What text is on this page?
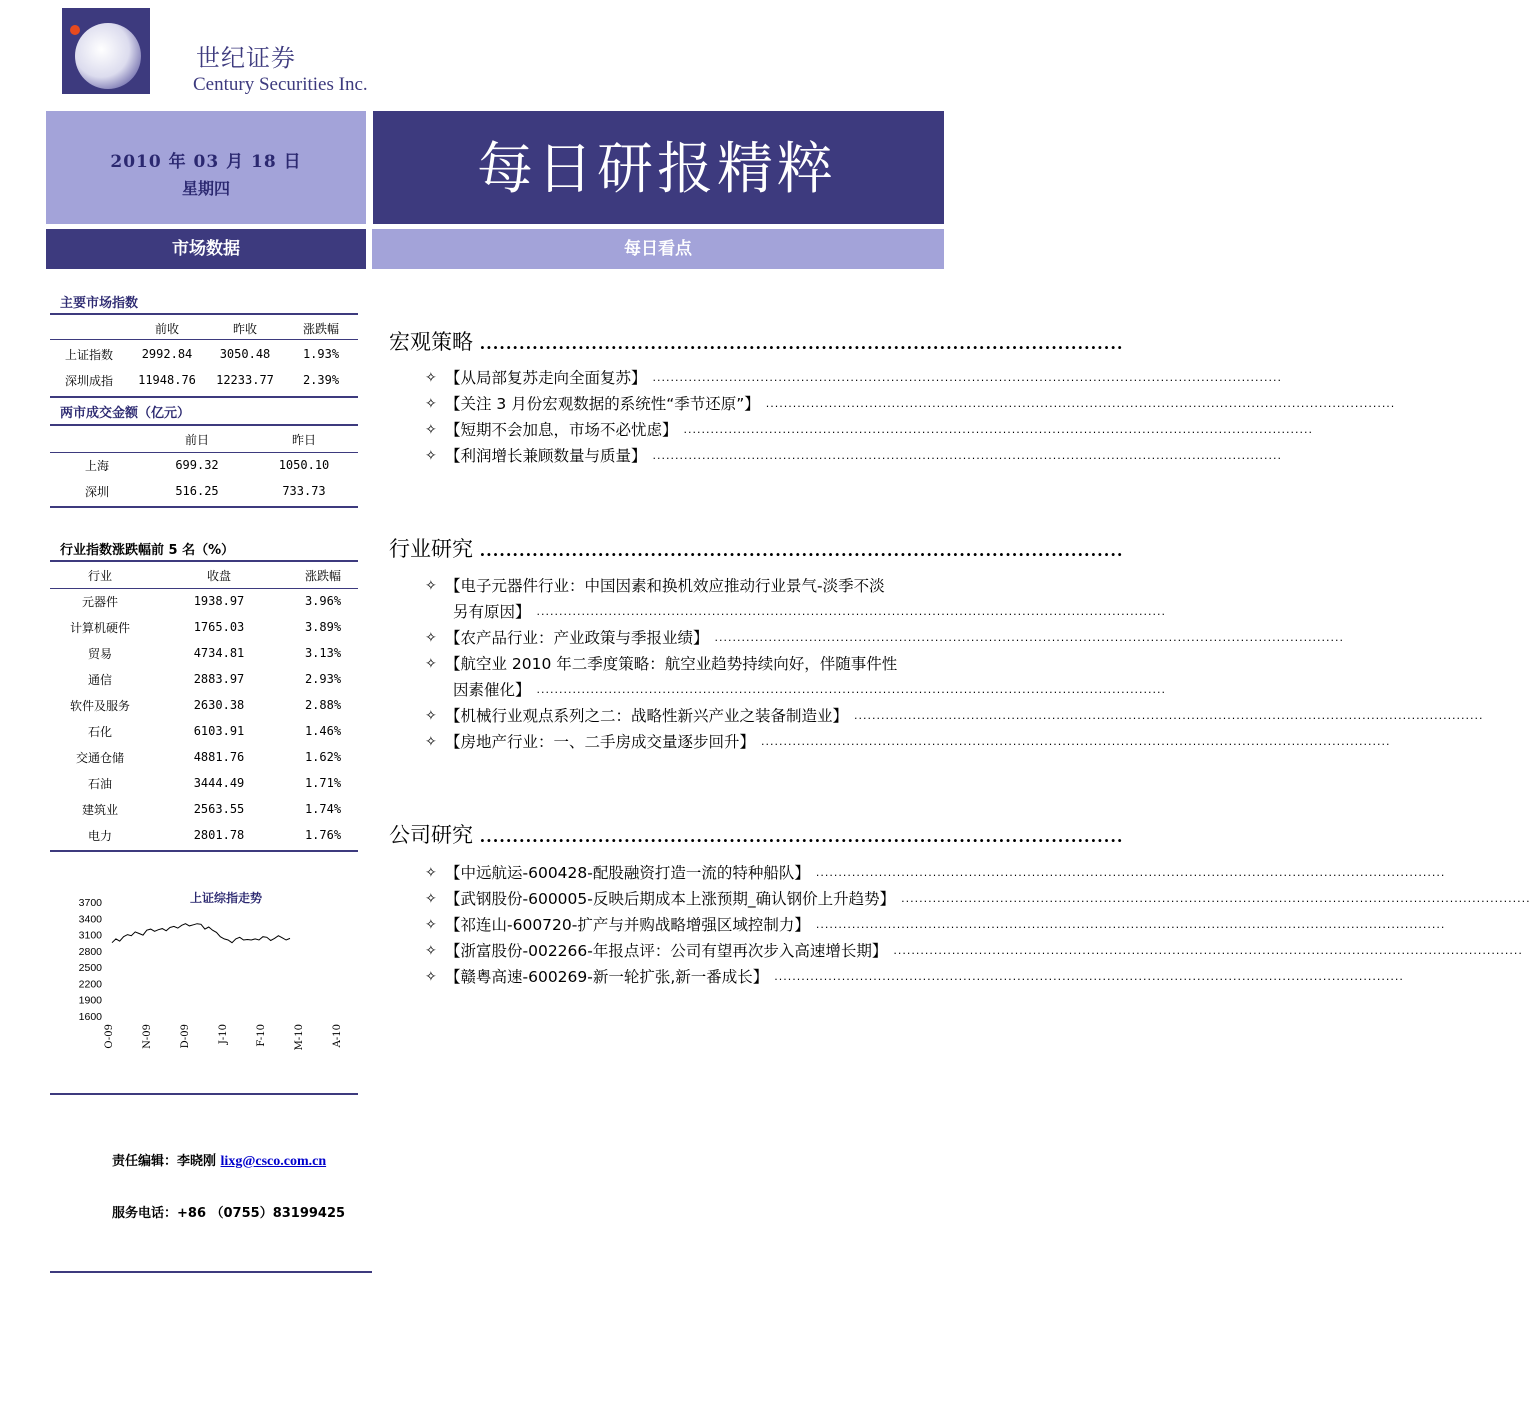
世纪证券
Century Securities Inc.
2010 年 03 月 18 日
星期四	每日研报精粹
市场数据	每日看点
主要市场指数
	前收	昨收	涨跌幅
上证指数	2992.84	3050.48	1.93%
深圳成指	11948.76	12233.77	2.39%
两市成交金额（亿元）
	前日	昨日
上海	699.32	1050.10
深圳	516.25	733.73
行业指数涨跌幅前 5 名（%）
行业	收盘	涨跌幅
元器件	1938.97	3.96%
计算机硬件	1765.03	3.89%
贸易	4734.81	3.13%
通信	2883.97	2.93%
软件及服务	2630.38	2.88%
石化	6103.91	1.46%
交通仓储	4881.76	1.62%
石油	3444.49	1.71%
建筑业	2563.55	1.74%
电力	2801.78	1.76%
上证综指走势
1600
1900
2200
2500
2800
3100
3400
3700
O-09	N-09	D-09	J-10	F-10	M-10	A-10
责任编辑：李晓刚 lixg@csco.com.cn
服务电话：+86 （0755）83199425
宏观策略 ..................................................................................................
✧ 【从局部复苏走向全面复苏】 ............................................................................................................................................
✧ 【关注 3 月份宏观数据的系统性“季节还原”】 ............................................................................................................................................
✧ 【短期不会加息，市场不必忧虑】 ............................................................................................................................................
✧ 【利润增长兼顾数量与质量】 ............................................................................................................................................
行业研究 ..................................................................................................
✧ 【电子元器件行业：中国因素和换机效应推动行业景气-淡季不淡
另有原因】 ............................................................................................................................................
✧ 【农产品行业：产业政策与季报业绩】 ............................................................................................................................................
✧ 【航空业 2010 年二季度策略：航空业趋势持续向好，伴随事件性
因素催化】 ............................................................................................................................................
✧ 【机械行业观点系列之二：战略性新兴产业之装备制造业】 ............................................................................................................................................
✧ 【房地产行业：一、二手房成交量逐步回升】 ............................................................................................................................................
公司研究 ..................................................................................................
✧ 【中远航运-600428-配股融资打造一流的特种船队】 ............................................................................................................................................
✧ 【武钢股份-600005-反映后期成本上涨预期_确认钢价上升趋势】 ............................................................................................................................................
✧ 【祁连山-600720-扩产与并购战略增强区域控制力】 ............................................................................................................................................
✧ 【浙富股份-002266-年报点评：公司有望再次步入高速增长期】 ............................................................................................................................................
✧ 【赣粤高速-600269-新一轮扩张,新一番成长】 ............................................................................................................................................
